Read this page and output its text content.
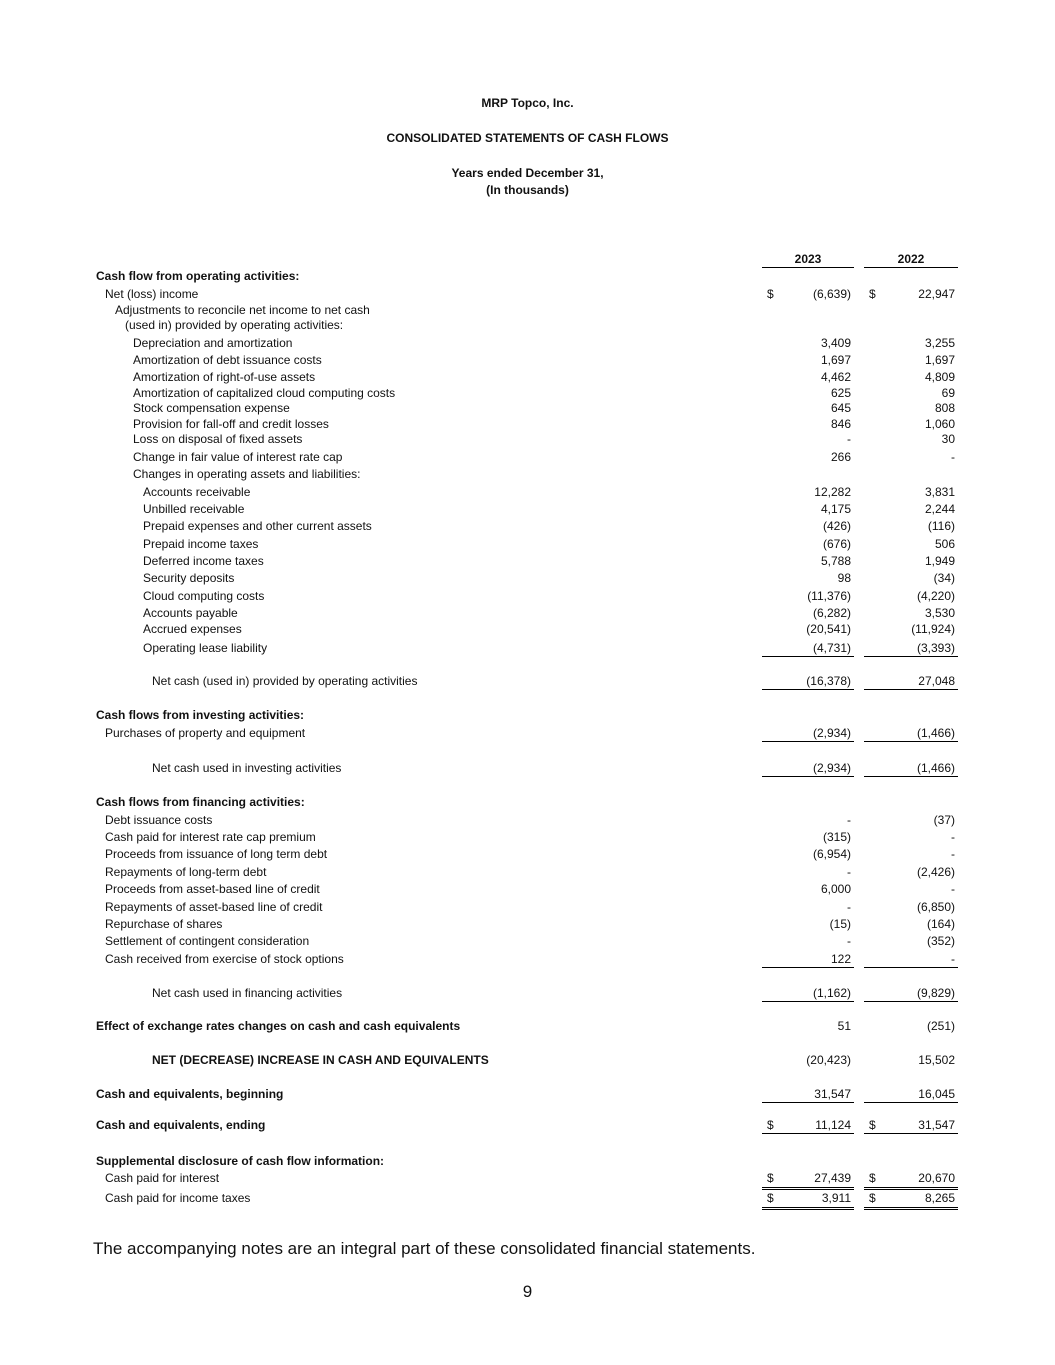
MRP Topco, Inc.
CONSOLIDATED STATEMENTS OF CASH FLOWS
Years ended December 31,
(In thousands)
2023	2022
Cash flow from operating activities:
Net (loss) income	$	(6,639) $	22,947
Adjustments to reconcile net income to net cash
(used in) provided by operating activities:
Depreciation and amortization	3,409	3,255
Amortization of debt issuance costs	1,697	1,697
Amortization of right-of-use assets	4,462	4,809
Amortization of capitalized cloud computing costs	625	69
Stock compensation expense	645	808
Provision for fall-off and credit losses	846	1,060
Loss on disposal of fixed assets	-	30
Change in fair value of interest rate cap	266	-
Changes in operating assets and liabilities:
Accounts receivable	12,282	3,831
Unbilled receivable	4,175	2,244
Prepaid expenses and other current assets	(426)	(116)
Prepaid income taxes	(676)	506
Deferred income taxes	5,788	1,949
Security deposits	98	(34)
Cloud computing costs	(11,376)	(4,220)
Accounts payable	(6,282)	3,530
Accrued expenses	(20,541)	(11,924)
Operating lease liability	(4,731)	(3,393)
Net cash (used in) provided by operating activities	(16,378)	27,048
Cash flows from investing activities:
Purchases of property and equipment	(2,934)	(1,466)
Net cash used in investing activities	(2,934)	(1,466)
Cash flows from financing activities:
Debt issuance costs	-	(37)
Cash paid for interest rate cap premium	(315)	-
Proceeds from issuance of long term debt	(6,954)	-
Repayments of long-term debt	-	(2,426)
Proceeds from asset-based line of credit	6,000	-
Repayments of asset-based line of credit	-	(6,850)
Repurchase of shares	(15)	(164)
Settlement of contingent consideration	-	(352)
Cash received from exercise of stock options	122	-
Net cash used in financing activities	(1,162)	(9,829)
Effect of exchange rates changes on cash and cash equivalents	51	(251)
NET (DECREASE) INCREASE IN CASH AND EQUIVALENTS	(20,423)	15,502
Cash and equivalents, beginning	31,547	16,045
Cash and equivalents, ending	$	11,124 $	31,547
Supplemental disclosure of cash flow information:
Cash paid for interest	$	27,439 $	20,670
Cash paid for income taxes	$	3,911 $	8,265
The accompanying notes are an integral part of these consolidated financial statements.
9
